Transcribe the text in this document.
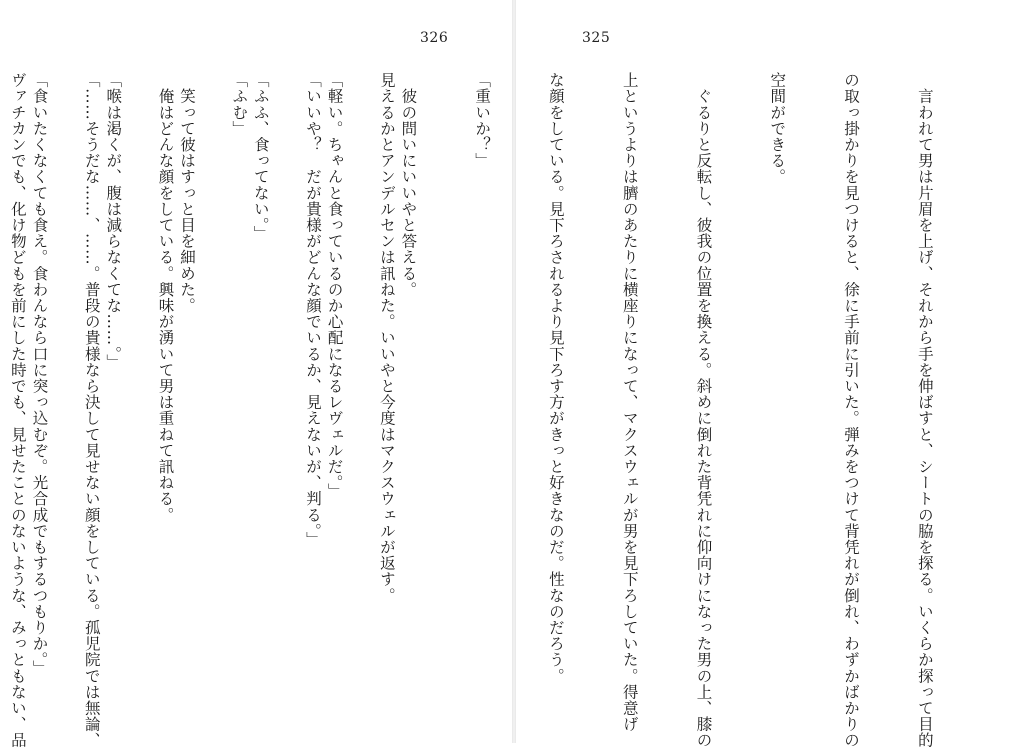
326

見えるかとアンデルセンは訊ねた。いいやと今度はマクスウェルが返す。

「いいや？　だが貴様がどんな顔でいるか、見えないが、判る。」

「ふむ」

　俺はどんな顔をしている。興味が湧いて男は重ねて訊ねる。

「……そうだな……、……。普段の貴様なら決して見せない顔をしている。孤児院では無論、

ヴァチカンでも、化け物どもを前にした時でも、見せたことのないような、みっともない、品

325

　言われて男は片眉を上げ、それから手を伸ばすと、シートの脇を探る。いくらか探って目的

の取っ掛かりを見つけると、徐に手前に引いた。弾みをつけて背凭れが倒れ、わずかばかりの

空間ができる。

　ぐるりと反転し、彼我の位置を換える。斜めに倒れた背凭れに仰向けになった男の上、膝の

上というよりは臍のあたりに横座りになって、マクスウェルが男を見下ろしていた。得意げ

な顔をしている。見下ろされるより見下ろす方がきっと好きなのだ。性なのだろう。

「重いか？」

　彼の問いにいいやと答える。

「軽い。ちゃんと食っているのか心配になるレヴェルだ。」

「ふふ、食ってない。」

　笑って彼はすっと目を細めた。

「喉は渇くが、腹は減らなくてな……。」

「食いたくなくても食え。食わんなら口に突っ込むぞ。光合成でもするつもりか。」
